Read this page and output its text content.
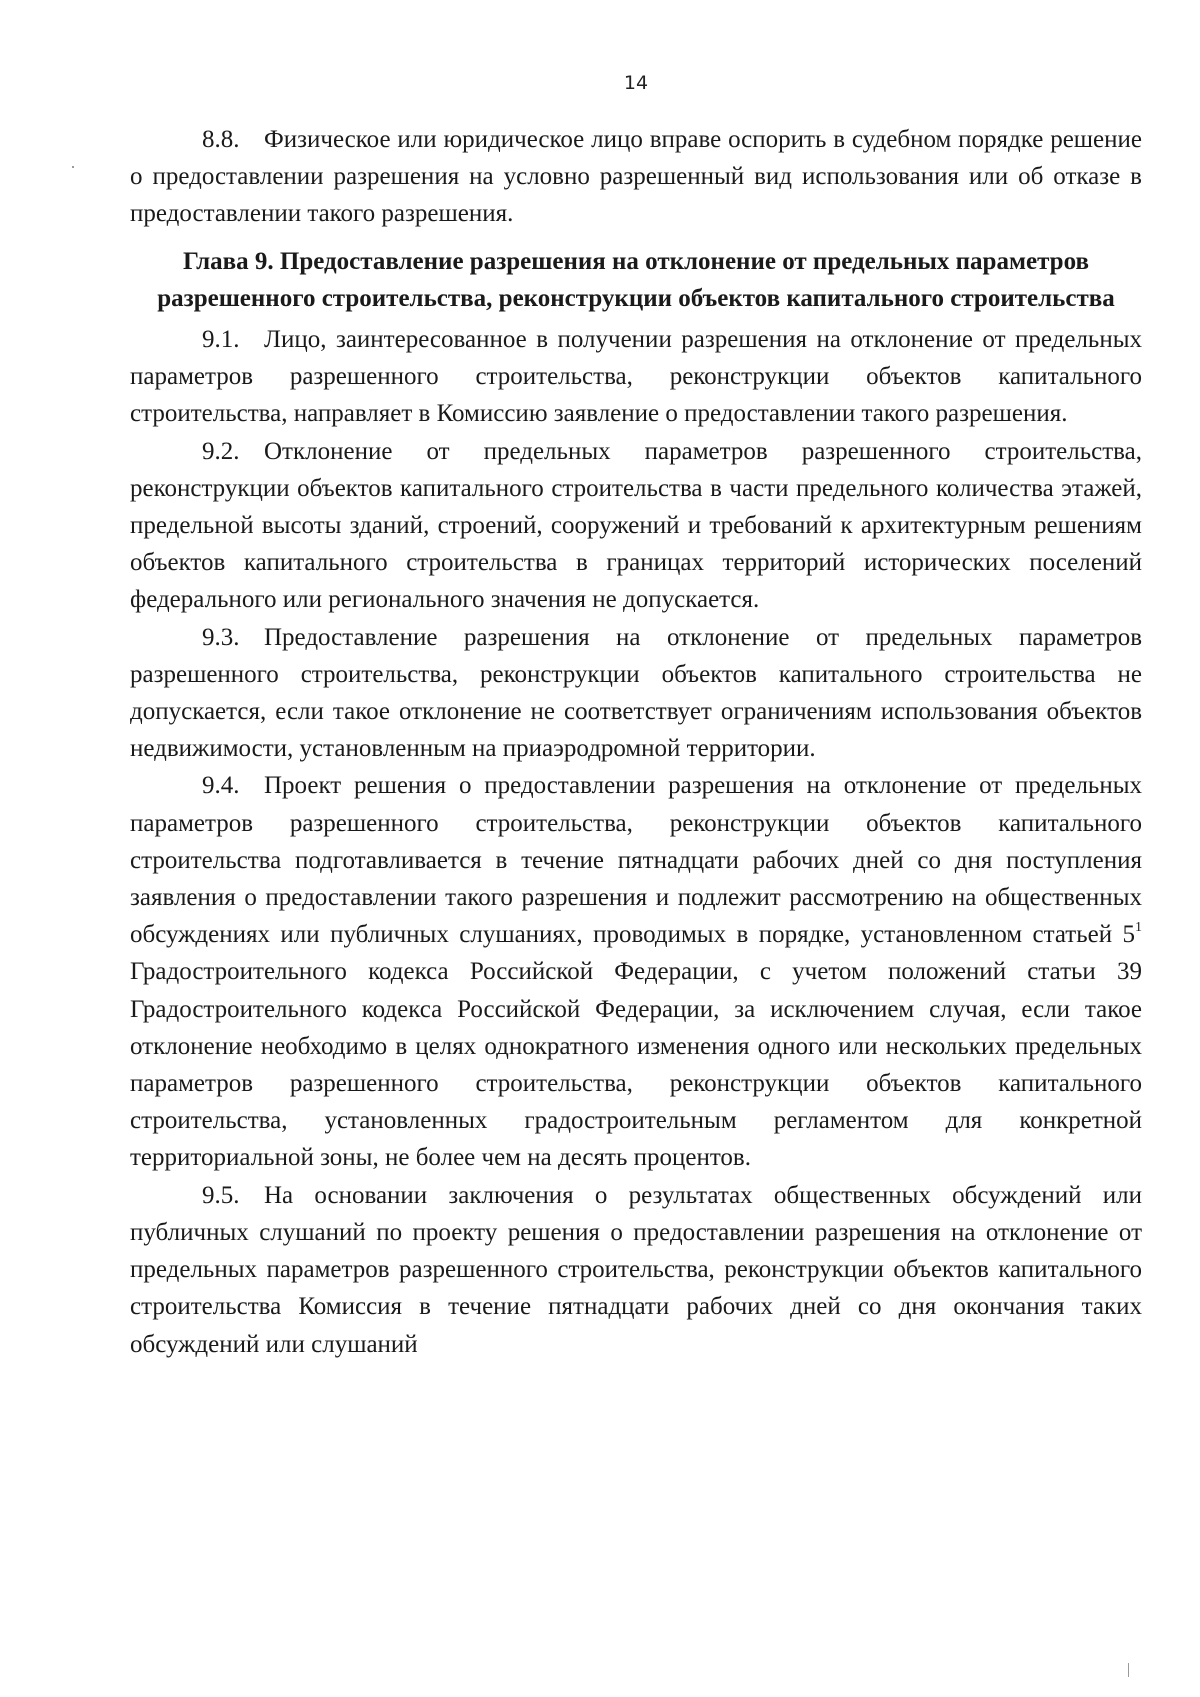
14

8.8. Физическое или юридическое лицо вправе оспорить в судебном порядке решение о предоставлении разрешения на условно разрешенный вид использования или об отказе в предоставлении такого разрешения.

Глава 9. Предоставление разрешения на отклонение от предельных параметров разрешенного строительства, реконструкции объектов капитального строительства

9.1. Лицо, заинтересованное в получении разрешения на отклонение от предельных параметров разрешенного строительства, реконструкции объектов капитального строительства, направляет в Комиссию заявление о предоставлении такого разрешения.

9.2. Отклонение от предельных параметров разрешенного строительства, реконструкции объектов капитального строительства в части предельного количества этажей, предельной высоты зданий, строений, сооружений и требований к архитектурным решениям объектов капитального строительства в границах территорий исторических поселений федерального или регионального значения не допускается.

9.3. Предоставление разрешения на отклонение от предельных параметров разрешенного строительства, реконструкции объектов капитального строительства не допускается, если такое отклонение не соответствует ограничениям использования объектов недвижимости, установленным на приаэродромной территории.

9.4. Проект решения о предоставлении разрешения на отклонение от предельных параметров разрешенного строительства, реконструкции объектов капитального строительства подготавливается в течение пятнадцати рабочих дней со дня поступления заявления о предоставлении такого разрешения и подлежит рассмотрению на общественных обсуждениях или публичных слушаниях, проводимых в порядке, установленном статьей $5^1$ Градостроительного кодекса Российской Федерации, с учетом положений статьи 39 Градостроительного кодекса Российской Федерации, за исключением случая, если такое отклонение необходимо в целях однократного изменения одного или нескольких предельных параметров разрешенного строительства, реконструкции объектов капитального строительства, установленных градостроительным регламентом для конкретной территориальной зоны, не более чем на десять процентов.

9.5. На основании заключения о результатах общественных обсуждений или публичных слушаний по проекту решения о предоставлении разрешения на отклонение от предельных параметров разрешенного строительства, реконструкции объектов капитального строительства Комиссия в течение пятнадцати рабочих дней со дня окончания таких обсуждений или слушаний
